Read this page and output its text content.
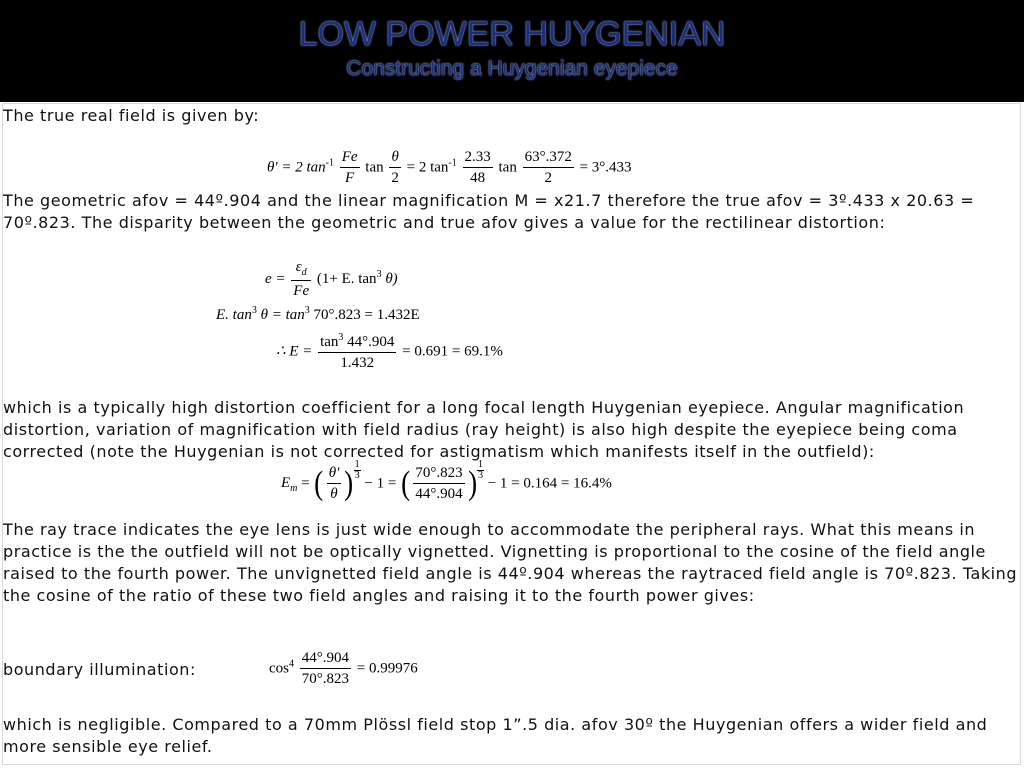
LOW POWER HUYGENIAN
Constructing a Huygenian eyepiece
The true real field is given by:
θ' = 2 $\tan^{-1} \frac{Fe}{F}$ $\tan \frac{\theta}{2} = 2$ $\tan^{-1} \frac{2.33}{48}$ $\tan \frac{63^\circ.372}{2} = 3^\circ.433$
The geometric afov = 44º.904 and the linear magnification M = x21.7 therefore the true afov = 3º.433 x 20.63 = 70º.823. The disparity between the geometric and true afov gives a value for the rectilinear distortion:
$e = \frac{\varepsilon_d}{Fe} (1+ E$. $\tan^3 \theta$)
E. $\tan^3 \theta = \tan^3 70^\circ.823 = 1.432E$
∴ $E = \frac{\tan^3 44^\circ.904}{1.432} = 0.691 = 69.1\%$
which is a typically high distortion coefficient for a long focal length Huygenian eyepiece. Angular magnification distortion, variation of magnification with field radius (ray height) is also high despite the eyepiece being coma corrected (note the Huygenian is not corrected for astigmatism which manifests itself in the outfield):
$E_m$ = ( $\frac{\theta'}{\theta}$ ) $\frac{1}{3}$
− 1 = ( $\frac{70^\circ.823}{44^\circ.904}$ ) $\frac{1}{3}$
− 1 = 0.164 = 16.4%
The ray trace indicates the eye lens is just wide enough to accommodate the peripheral rays. What this means in practice is the the outfield will not be optically vignetted. Vignetting is proportional to the cosine of the field angle raised to the fourth power. The unvignetted field angle is 44º.904 whereas the raytraced field angle is 70º.823. Taking the cosine of the ratio of these two field angles and raising it to the fourth power gives:
boundary illumination:	$\cos^4 \frac{44^\circ.904}{70^\circ.823} = 0.99976$
which is negligible. Compared to a 70mm Plössl field stop 1”.5 dia. afov 30º the Huygenian offers a wider field and more sensible eye relief.
